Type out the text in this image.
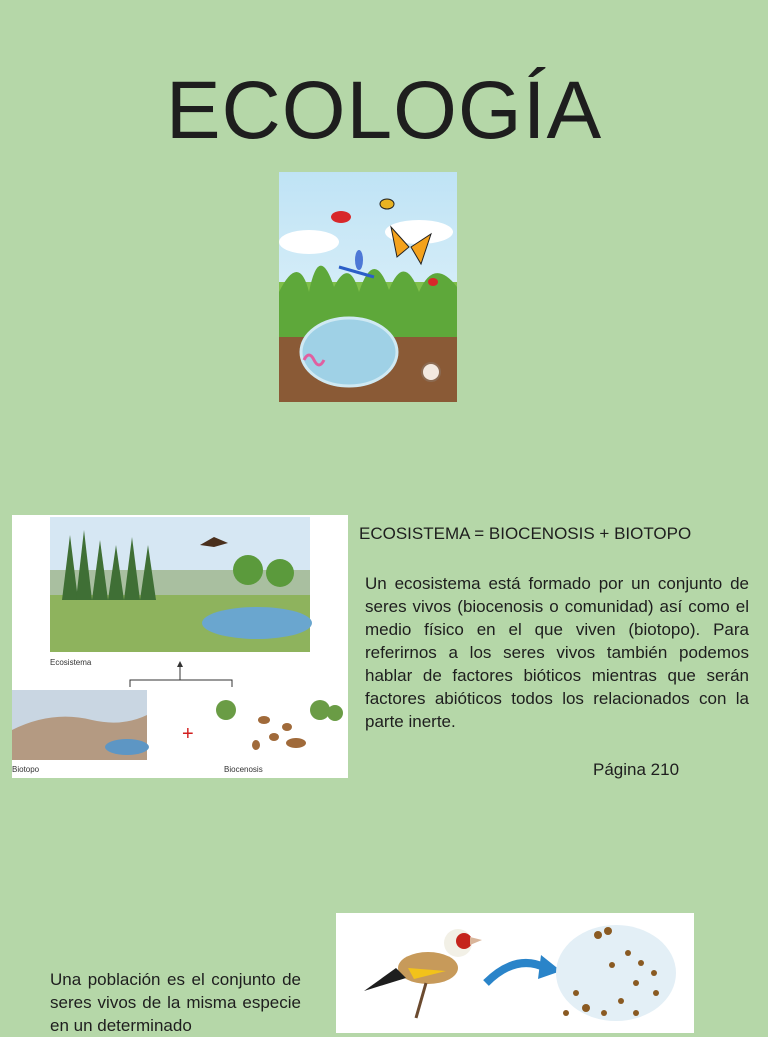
ECOLOGÍA
Ecosistema
+
Biotopo	Biocenosis
ECOSISTEMA = BIOCENOSIS + BIOTOPO

Un ecosistema está formado por un conjunto de seres vivos (biocenosis o comunidad) así como el medio físico en el que viven (biotopo). Para referirnos a los seres vivos también podemos hablar de factores bióticos mientras que serán factores abióticos todos los relacionados con la parte inerte.

Página 210
Una población es el conjunto de seres vivos de la misma especie en un determinado
